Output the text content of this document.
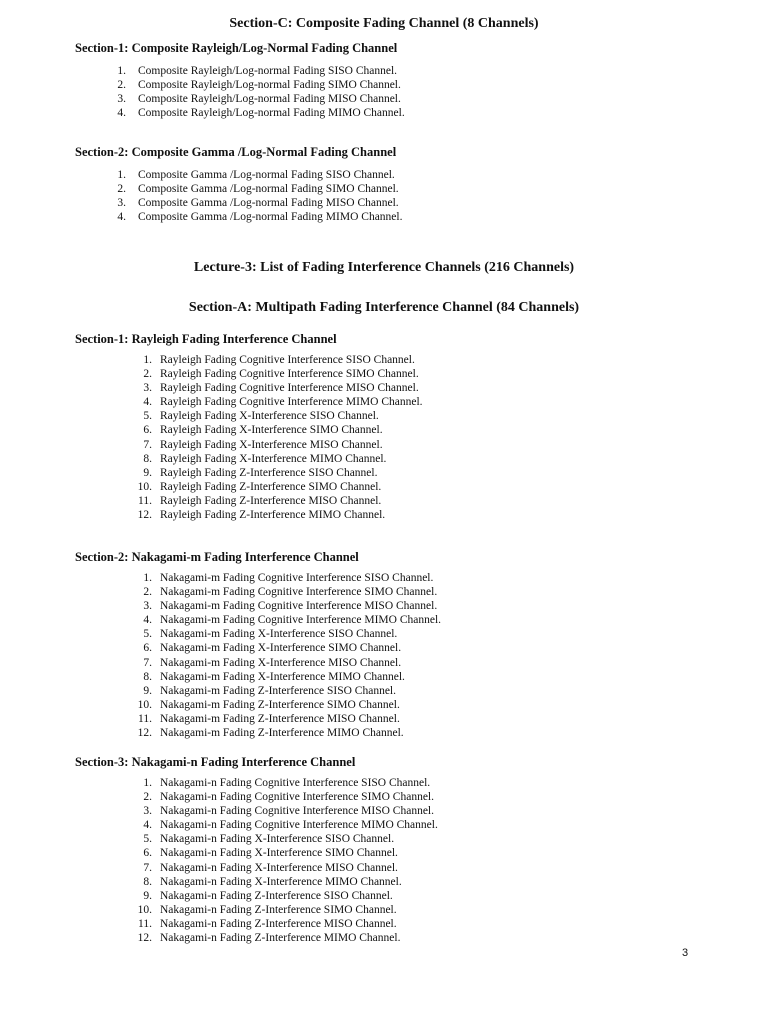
Section-C: Composite Fading Channel (8 Channels)
Section-1: Composite Rayleigh/Log-Normal Fading Channel
1. Composite Rayleigh/Log-normal Fading SISO Channel.
2. Composite Rayleigh/Log-normal Fading SIMO Channel.
3. Composite Rayleigh/Log-normal Fading MISO Channel.
4. Composite Rayleigh/Log-normal Fading MIMO Channel.
Section-2: Composite Gamma /Log-Normal Fading Channel
1. Composite Gamma /Log-normal Fading SISO Channel.
2. Composite Gamma /Log-normal Fading SIMO Channel.
3. Composite Gamma /Log-normal Fading MISO Channel.
4. Composite Gamma /Log-normal Fading MIMO Channel.
Lecture-3: List of Fading Interference Channels (216 Channels)
Section-A: Multipath Fading Interference Channel (84 Channels)
Section-1: Rayleigh Fading Interference Channel
1. Rayleigh Fading Cognitive Interference SISO Channel.
2. Rayleigh Fading Cognitive Interference SIMO Channel.
3. Rayleigh Fading Cognitive Interference MISO Channel.
4. Rayleigh Fading Cognitive Interference MIMO Channel.
5. Rayleigh Fading X-Interference SISO Channel.
6. Rayleigh Fading X-Interference SIMO Channel.
7. Rayleigh Fading X-Interference MISO Channel.
8. Rayleigh Fading X-Interference MIMO Channel.
9. Rayleigh Fading Z-Interference SISO Channel.
10. Rayleigh Fading Z-Interference SIMO Channel.
11. Rayleigh Fading Z-Interference MISO Channel.
12. Rayleigh Fading Z-Interference MIMO Channel.
Section-2: Nakagami-m Fading Interference Channel
1. Nakagami-m Fading Cognitive Interference SISO Channel.
2. Nakagami-m Fading Cognitive Interference SIMO Channel.
3. Nakagami-m Fading Cognitive Interference MISO Channel.
4. Nakagami-m Fading Cognitive Interference MIMO Channel.
5. Nakagami-m Fading X-Interference SISO Channel.
6. Nakagami-m Fading X-Interference SIMO Channel.
7. Nakagami-m Fading X-Interference MISO Channel.
8. Nakagami-m Fading X-Interference MIMO Channel.
9. Nakagami-m Fading Z-Interference SISO Channel.
10. Nakagami-m Fading Z-Interference SIMO Channel.
11. Nakagami-m Fading Z-Interference MISO Channel.
12. Nakagami-m Fading Z-Interference MIMO Channel.
Section-3: Nakagami-n Fading Interference Channel
1. Nakagami-n Fading Cognitive Interference SISO Channel.
2. Nakagami-n Fading Cognitive Interference SIMO Channel.
3. Nakagami-n Fading Cognitive Interference MISO Channel.
4. Nakagami-n Fading Cognitive Interference MIMO Channel.
5. Nakagami-n Fading X-Interference SISO Channel.
6. Nakagami-n Fading X-Interference SIMO Channel.
7. Nakagami-n Fading X-Interference MISO Channel.
8. Nakagami-n Fading X-Interference MIMO Channel.
9. Nakagami-n Fading Z-Interference SISO Channel.
10. Nakagami-n Fading Z-Interference SIMO Channel.
11. Nakagami-n Fading Z-Interference MISO Channel.
12. Nakagami-n Fading Z-Interference MIMO Channel.
3
